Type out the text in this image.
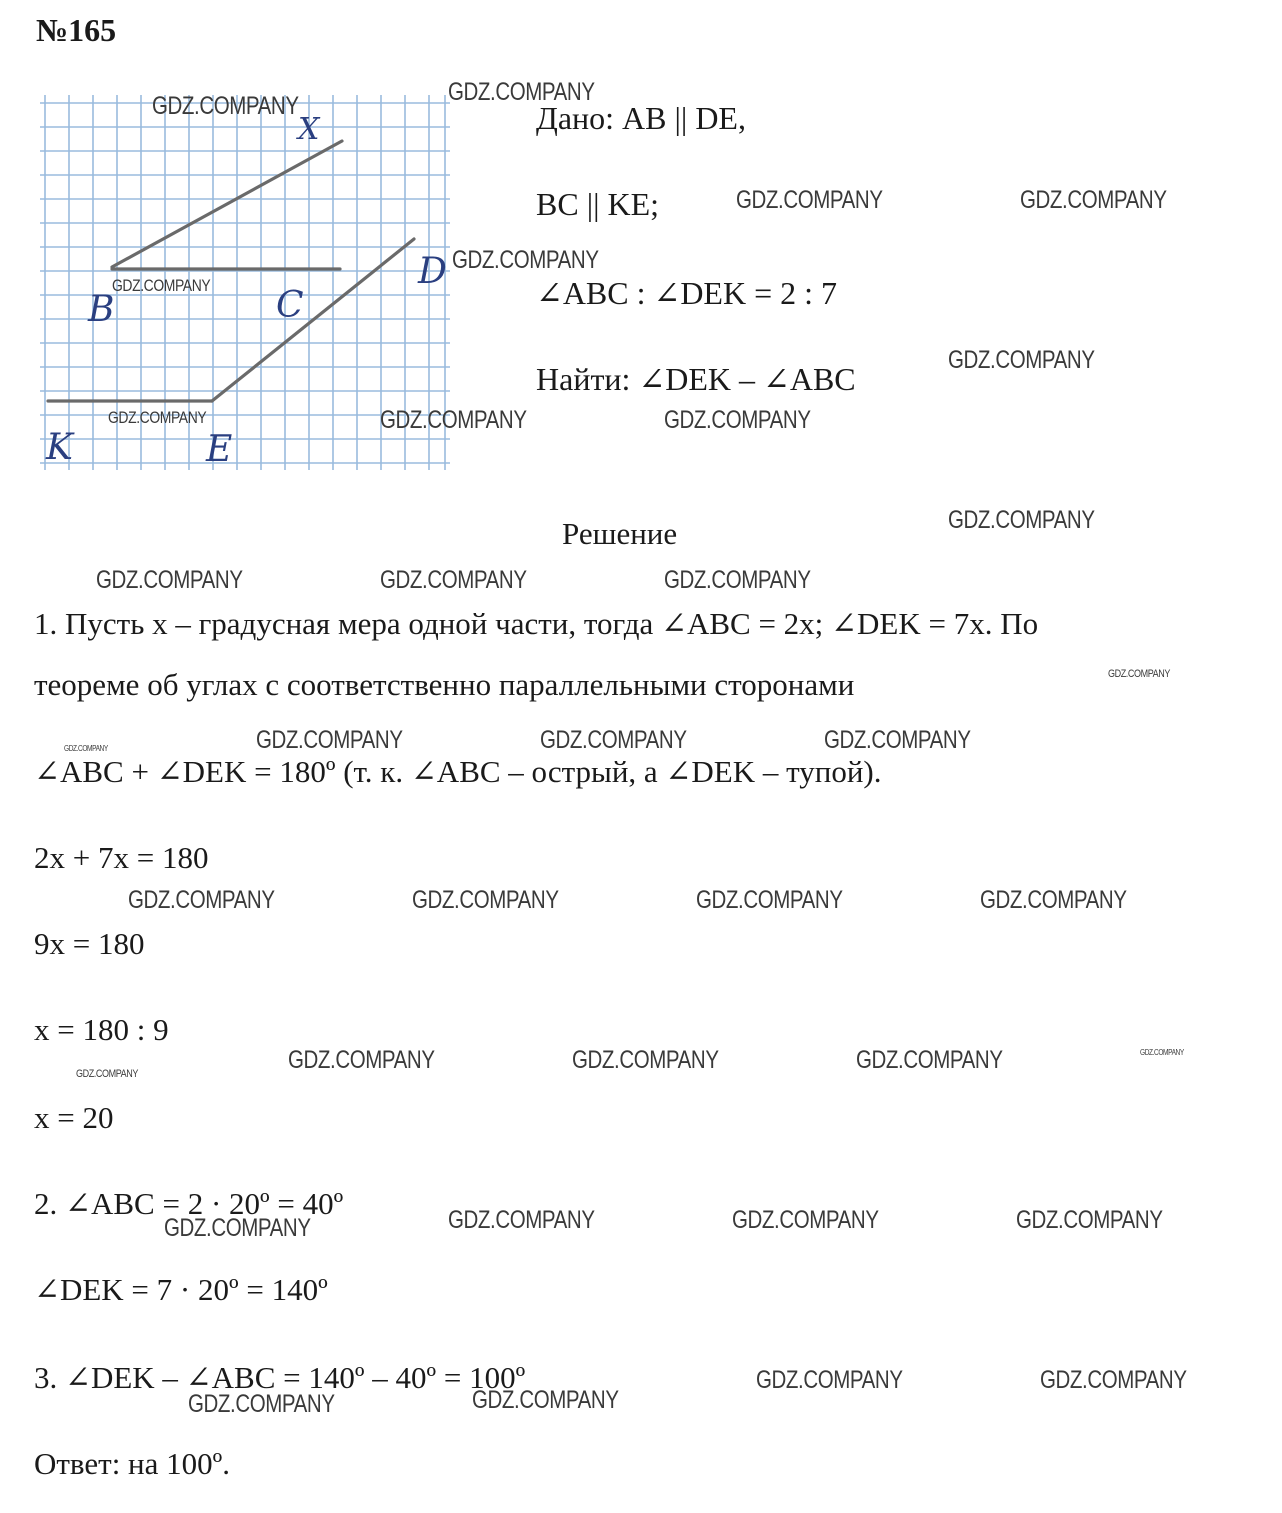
№165
X
B	C
D
K	E
Дано: AB || DE,
BC || KE;
∠ABC : ∠DEK = 2 : 7
Найти: ∠DEK – ∠ABC
Решение
1. Пусть x – градусная мера одной части, тогда ∠ABC = 2x; ∠DEK = 7x. По
теореме об углах с соответственно параллельными сторонами
∠ABC + ∠DEK = 180º (т. к. ∠ABC – острый, а ∠DEK – тупой).
2x + 7x = 180
9x = 180
x = 180 : 9
x = 20
2. ∠ABC = 2 · 20º = 40º
∠DEK = 7 · 20º = 140º
3. ∠DEK – ∠ABC = 140º – 40º = 100º
Ответ: на 100º.
GDZ.COMPANY	GDZ.COMPANY
GDZ.COMPANY	GDZ.COMPANY
GDZ.COMPANY
GDZ.COMPANY
GDZ.COMPANY
GDZ.COMPANY	GDZ.COMPANY	GDZ.COMPANY
GDZ.COMPANY
GDZ.COMPANY	GDZ.COMPANY	GDZ.COMPANY
GDZ.COMPANY
GDZ.COMPANY	GDZ.COMPANY	GDZ.COMPANY	GDZ.COMPANY
GDZ.COMPANY	GDZ.COMPANY	GDZ.COMPANY	GDZ.COMPANY
GDZ.COMPANY	GDZ.COMPANY	GDZ.COMPANY	GDZ.COMPANY
GDZ.COMPANY
GDZ.COMPANY	GDZ.COMPANY	GDZ.COMPANY	GDZ.COMPANY
GDZ.COMPANY	GDZ.COMPANY
GDZ.COMPANY
GDZ.COMPANY
